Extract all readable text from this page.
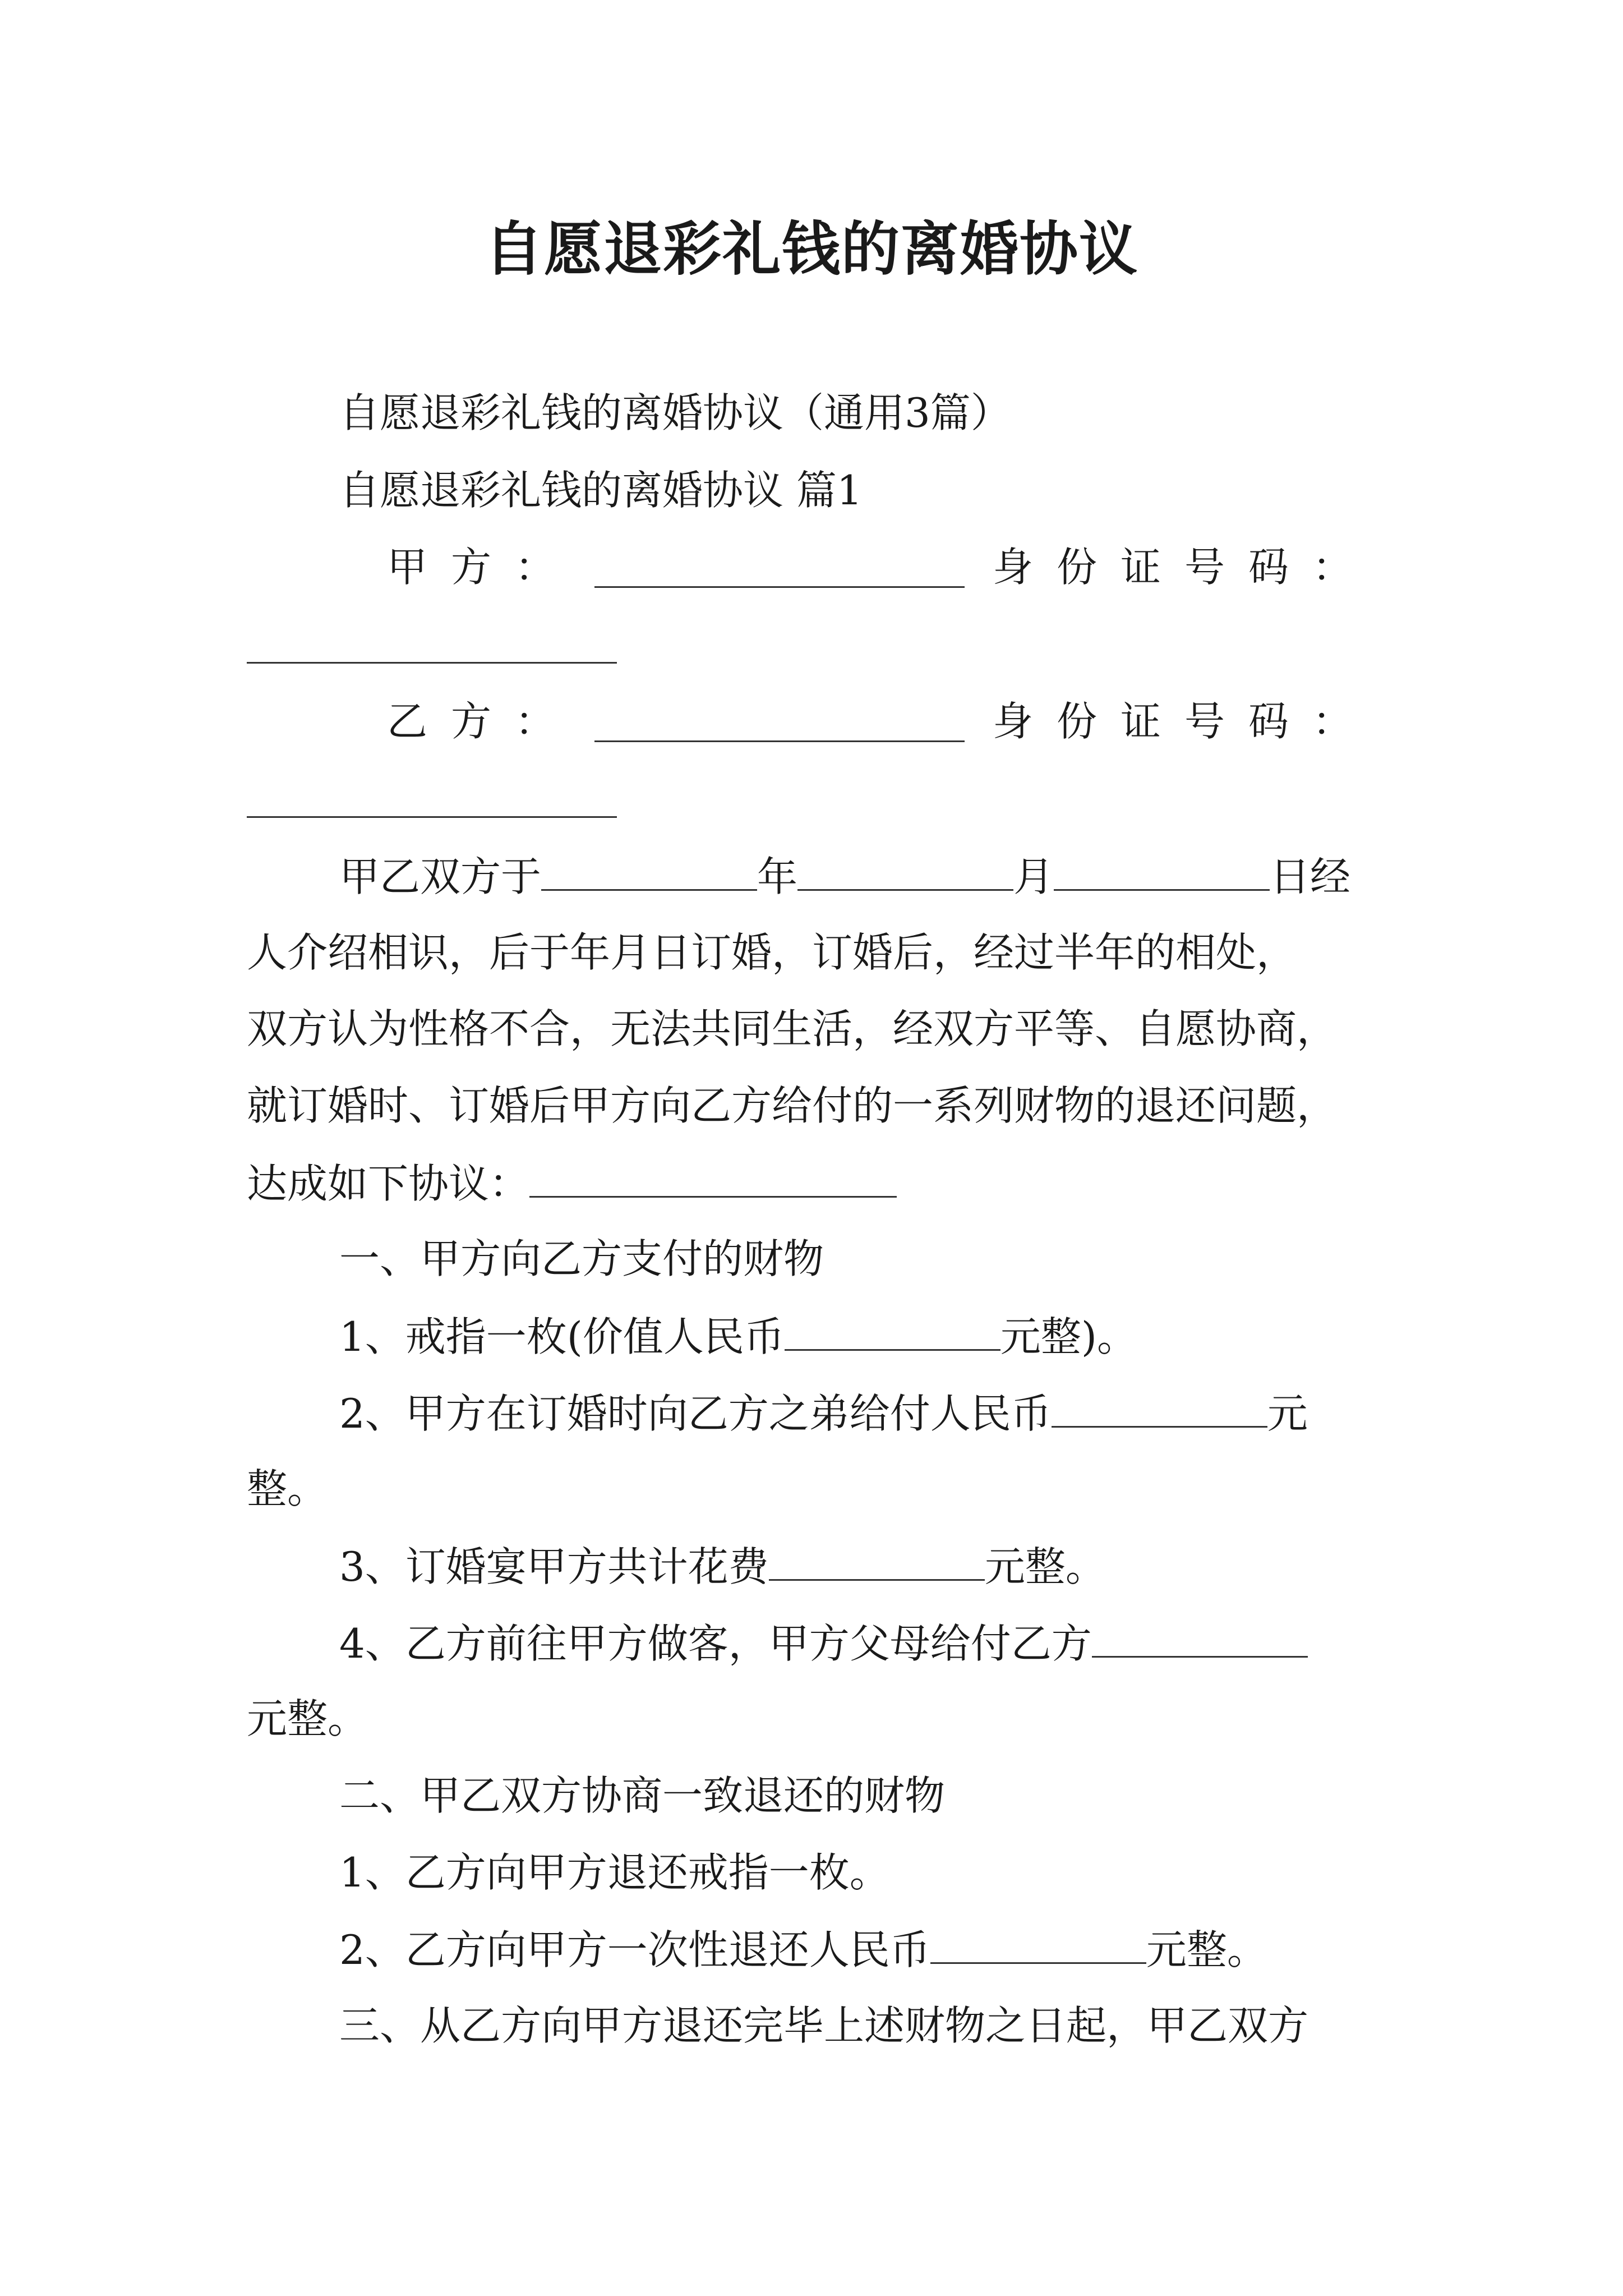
自愿退彩礼钱的离婚协议
自愿退彩礼钱的离婚协议（通用3篇）
自愿退彩礼钱的离婚协议 篇1
甲方：	身份证号码：
乙方：	身份证号码：
甲乙双方于	年	月	日经
人介绍相识，后于年月日订婚，订婚后，经过半年的相处，
双方认为性格不合，无法共同生活，经双方平等、自愿协商，
就订婚时、订婚后甲方向乙方给付的一系列财物的退还问题，
达成如下协议：
一、甲方向乙方支付的财物
1、戒指一枚(价值人民币	元整)。
2、甲方在订婚时向乙方之弟给付人民币	元
整。
3、订婚宴甲方共计花费	元整。
4、乙方前往甲方做客，甲方父母给付乙方
元整。
二、甲乙双方协商一致退还的财物
1、乙方向甲方退还戒指一枚。
2、乙方向甲方一次性退还人民币	元整。
三、从乙方向甲方退还完毕上述财物之日起，甲乙双方
